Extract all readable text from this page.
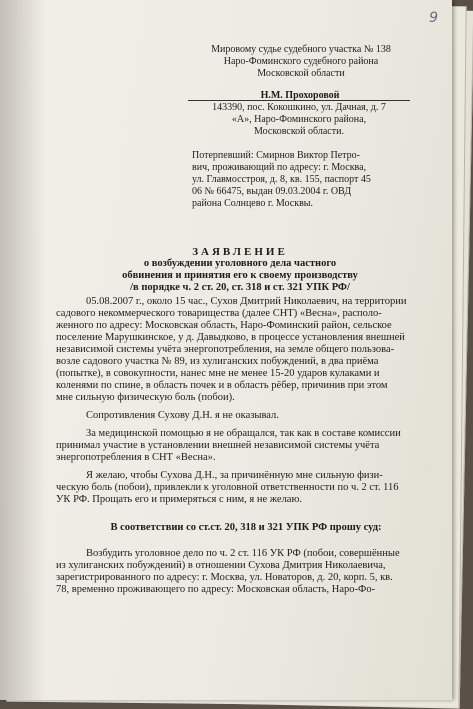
9
Мировому судье судебного участка № 138
Наро-Фоминского судебного района
Московской области
Н.М. Прохоровой
143390, пос. Кокошкино, ул. Дачная, д. 7
«А», Наро-Фоминского района,
Московской области.
Потерпевший: Смирнов Виктор Петро-
вич, проживающий по адресу: г. Москва,
ул. Главмосстроя, д. 8, кв. 155, паспорт 45
06 № 66475, выдан 09.03.2004 г. ОВД
района Солнцево г. Москвы.
ЗАЯВЛЕНИЕ
о возбуждении уголовного дела частного
обвинения и принятия его к своему производству
/в порядке ч. 2 ст. 20, ст. 318 и ст. 321 УПК РФ/
05.08.2007 г., около 15 час., Сухов Дмитрий Николаевич, на территории
садового некоммерческого товарищества (далее СНТ) «Весна», располо-
женного по адресу: Московская область, Наро-Фоминский район, сельское
поселение Марушкинское, у д. Давыдково, в процессе установления внешней
независимой системы учёта энергопотребления, на земле общего пользова-
возле садового участка № 89, из хулиганских побуждений, в два приёма
(попытке), в совокупности, нанес мне не менее 15-20 ударов кулаками и
коленями по спине, в область почек и в область рёбер, причинив при этом
мне сильную физическую боль (побои).
Сопротивления Сухову Д.Н. я не оказывал.
За медицинской помощью я не обращался, так как в составе комиссии
принимал участие в установлении внешней независимой системы учёта
энергопотребления в СНТ «Весна».
Я желаю, чтобы Сухова Д.Н., за причинённую мне сильную физи-
ческую боль (побои), привлекли к уголовной ответственности по ч. 2 ст. 116
УК РФ. Прощать его и примеряться с ним, я не желаю.
В соответствии со ст.ст. 20, 318 и 321 УПК РФ прошу суд:
Возбудить уголовное дело по ч. 2 ст. 116 УК РФ (побои, совершённые
из хулиганских побуждений) в отношении Сухова Дмитрия Николаевича,
зарегистрированного по адресу: г. Москва, ул. Новаторов, д. 20, корп. 5, кв.
78, временно проживающего по адресу: Московская область, Наро-Фо-
